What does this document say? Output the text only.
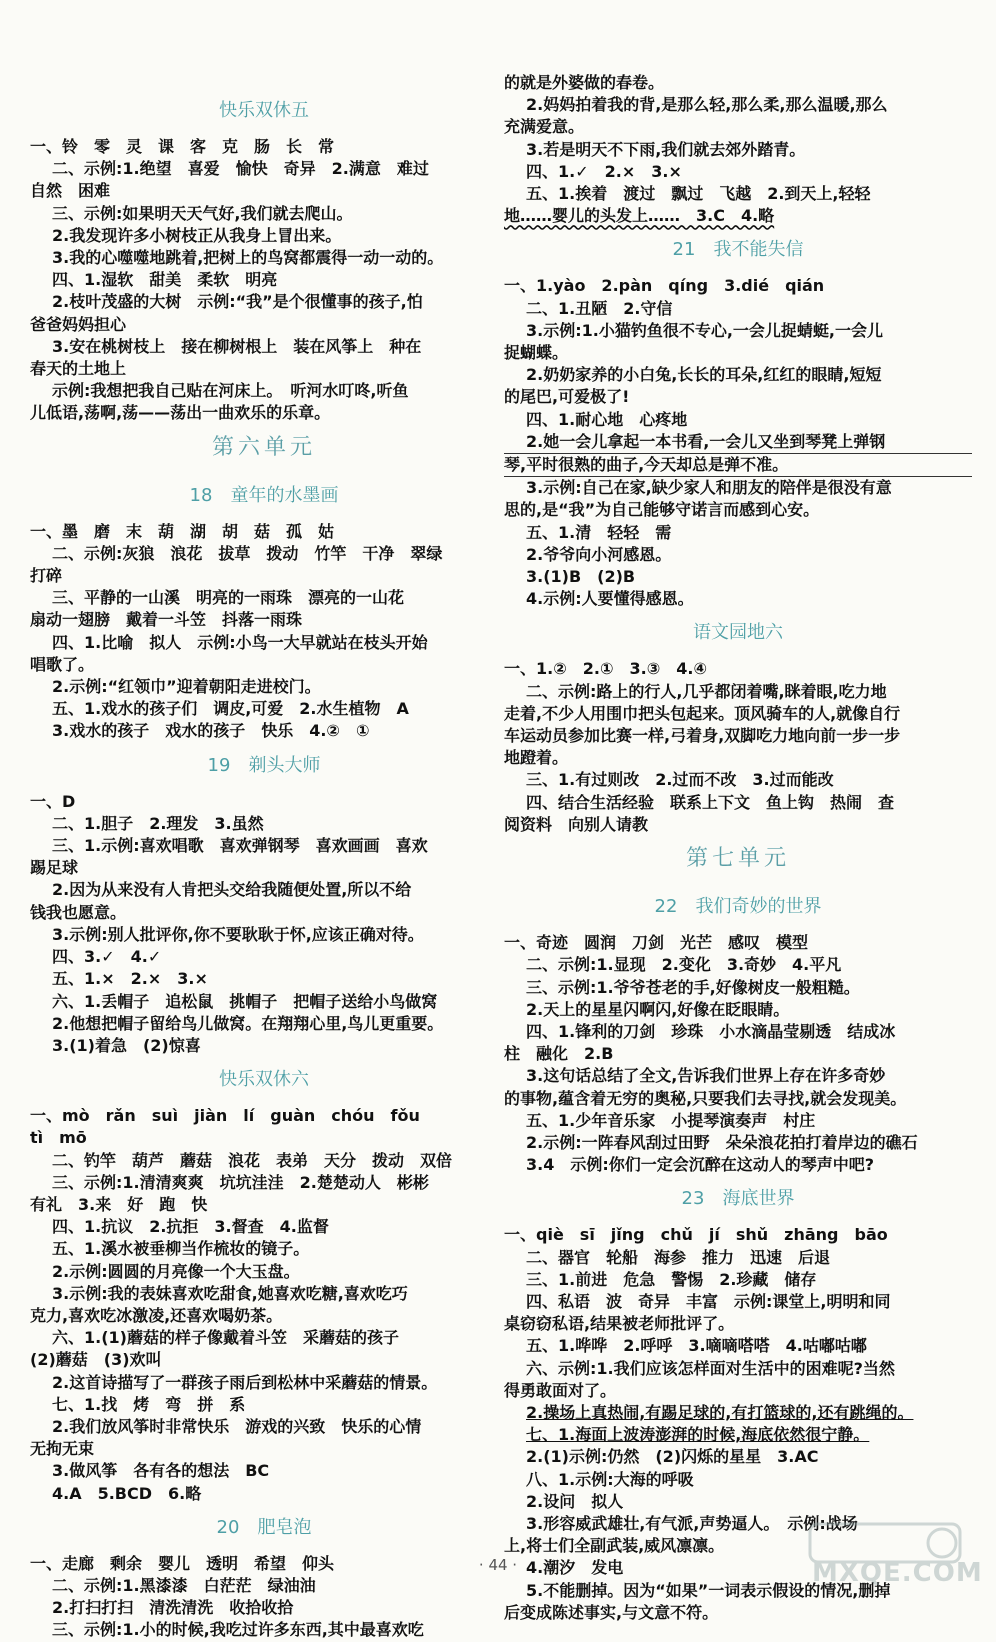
快乐双休五
一、铃　零　灵　课　客　克　肠　长　常
二、示例:1.绝望　喜爱　愉快　奇异　2.满意　难过
自然　困难
三、示例:如果明天天气好,我们就去爬山。
2.我发现许多小树枝正从我身上冒出来。
3.我的心噬噬地跳着,把树上的鸟窝都震得一动一动的。
四、1.湿软　甜美　柔软　明亮
2.枝叶茂盛的大树　示例:“我”是个很懂事的孩子,怕
爸爸妈妈担心
3.安在桃树枝上　接在柳树根上　装在风筝上　种在
春天的土地上
示例:我想把我自己贴在河床上。　听河水叮咚,听鱼
儿低语,荡啊,荡——荡出一曲欢乐的乐章。
第六单元
18　童年的水墨画
一、墨　磨　末　葫　湖　胡　菇　孤　姑
二、示例:灰狼　浪花　拔草　拨动　竹竿　干净　翠绿
打碎
三、平静的一山溪　明亮的一雨珠　漂亮的一山花
扇动一翅膀　戴着一斗笠　抖落一雨珠
四、1.比喻　拟人　示例:小鸟一大早就站在枝头开始
唱歌了。
2.示例:“红领巾”迎着朝阳走进校门。
五、1.戏水的孩子们　调皮,可爱　2.水生植物　A
3.戏水的孩子　戏水的孩子　快乐　4.②　①
19　剃头大师
一、D
二、1.胆子　2.理发　3.虽然
三、1.示例:喜欢唱歌　喜欢弹钢琴　喜欢画画　喜欢
踢足球
2.因为从来没有人肯把头交给我随便处置,所以不给
钱我也愿意。
3.示例:别人批评你,你不要耿耿于怀,应该正确对待。
四、3.✓　4.✓
五、1.×　2.×　3.×
六、1.丢帽子　追松鼠　挑帽子　把帽子送给小鸟做窝
2.他想把帽子留给鸟儿做窝。在翔翔心里,鸟儿更重要。
3.(1)着急　(2)惊喜
快乐双休六
一、mò　rǎn　suì　jiàn　lí　guàn　chóu　fǒu
tì　mō
二、钓竿　葫芦　蘑菇　浪花　表弟　天分　拨动　双倍
三、示例:1.清清爽爽　坑坑洼洼　2.楚楚动人　彬彬
有礼　3.来　好　跑　快
四、1.抗议　2.抗拒　3.督查　4.监督
五、1.溪水被垂柳当作梳妆的镜子。
2.示例:圆圆的月亮像一个大玉盘。
3.示例:我的表妹喜欢吃甜食,她喜欢吃糖,喜欢吃巧
克力,喜欢吃冰激凌,还喜欢喝奶茶。
六、1.(1)蘑菇的样子像戴着斗笠　采蘑菇的孩子
(2)蘑菇　(3)欢叫
2.这首诗描写了一群孩子雨后到松林中采蘑菇的情景。
七、1.找　烤　弯　拼　系
2.我们放风筝时非常快乐　游戏的兴致　快乐的心情
无拘无束
3.做风筝　各有各的想法　BC
4.A　5.BCD　6.略
20　肥皂泡
一、走廊　剩余　婴儿　透明　希望　仰头
二、示例:1.黑漆漆　白茫茫　绿油油
2.打扫打扫　清洗清洗　收拾收拾
三、示例:1.小的时候,我吃过许多东西,其中最喜欢吃
的就是外婆做的春卷。
2.妈妈拍着我的背,是那么轻,那么柔,那么温暖,那么
充满爱意。
3.若是明天不下雨,我们就去郊外踏青。
四、1.✓　2.×　3.×
五、1.挨着　渡过　飘过　飞越　2.到天上,轻轻
地……婴儿的头发上……　3.C　4.略
21　我不能失信
一、1.yào　2.pàn　qíng　3.dié　qián
二、1.丑陋　2.守信
3.示例:1.小猫钓鱼很不专心,一会儿捉蜻蜓,一会儿
捉蝴蝶。
2.奶奶家养的小白兔,长长的耳朵,红红的眼睛,短短
的尾巴,可爱极了!
四、1.耐心地　心疼地
2.她一会儿拿起一本书看,一会儿又坐到琴凳上弹钢
琴,平时很熟的曲子,今天却总是弹不准。
3.示例:自己在家,缺少家人和朋友的陪伴是很没有意
思的,是“我”为自己能够守诺言而感到心安。
五、1.清　轻轻　需
2.爷爷向小河感恩。
3.(1)B　(2)B
4.示例:人要懂得感恩。
语文园地六
一、1.②　2.①　3.③　4.④
二、示例:路上的行人,几乎都闭着嘴,眯着眼,吃力地
走着,不少人用围巾把头包起来。顶风骑车的人,就像自行
车运动员参加比赛一样,弓着身,双脚吃力地向前一步一步
地蹬着。
三、1.有过则改　2.过而不改　3.过而能改
四、结合生活经验　联系上下文　鱼上钩　热闹　查
阅资料　向别人请教
第七单元
22　我们奇妙的世界
一、奇迹　圆润　刀剑　光芒　感叹　模型
二、示例:1.显现　2.变化　3.奇妙　4.平凡
三、示例:1.爷爷苍老的手,好像树皮一般粗糙。
2.天上的星星闪啊闪,好像在眨眼睛。
四、1.锋利的刀剑　珍珠　小水滴晶莹剔透　结成冰
柱　融化　2.B
3.这句话总结了全文,告诉我们世界上存在许多奇妙
的事物,蕴含着无穷的奥秘,只要我们去寻找,就会发现美。
五、1.少年音乐家　小提琴演奏声　村庄
2.示例:一阵春风刮过田野　朵朵浪花拍打着岸边的礁石
3.4　示例:你们一定会沉醉在这动人的琴声中吧?
23　海底世界
一、qiè　sī　jǐng　chǔ　jí　shǔ　zhāng　bāo
二、器官　轮船　海参　推力　迅速　后退
三、1.前进　危急　警惕　2.珍藏　储存
四、私语　波　奇异　丰富　示例:课堂上,明明和同
桌窃窃私语,结果被老师批评了。
五、1.哗哗　2.呼呼　3.嘀嘀嗒嗒　4.咕嘟咕嘟
六、示例:1.我们应该怎样面对生活中的困难呢?当然
得勇敢面对了。
2.操场上真热闹,有踢足球的,有打篮球的,还有跳绳的。
七、1.海面上波涛澎湃的时候,海底依然很宁静。
2.(1)示例:仍然　(2)闪烁的星星　3.AC
八、1.示例:大海的呼吸
2.设问　拟人
3.形容威武雄壮,有气派,声势逼人。　示例:战场
上,将士们全副武装,威风凛凛。
4.潮汐　发电
5.不能删掉。因为“如果”一词表示假设的情况,删掉
后变成陈述事实,与文意不符。
· 44 ·	MXQE.COM
